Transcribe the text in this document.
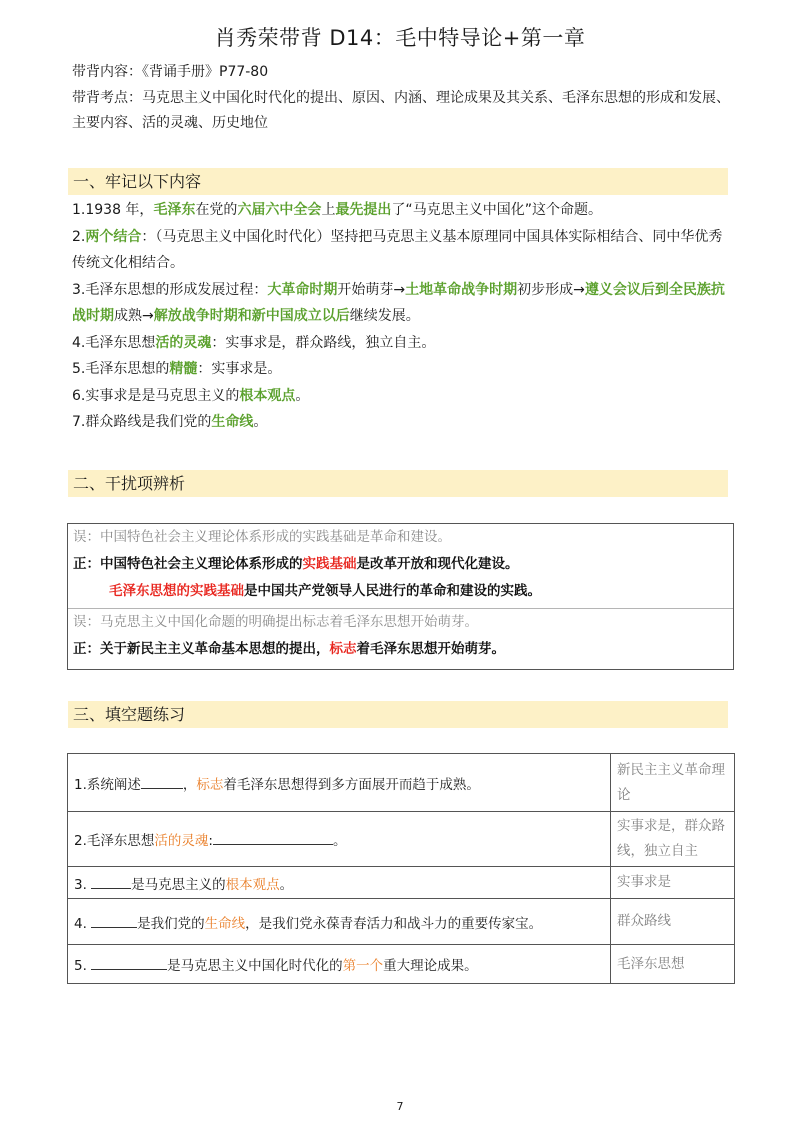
肖秀荣带背 D14：毛中特导论+第一章
带背内容：《背诵手册》P77-80
带背考点：马克思主义中国化时代化的提出、原因、内涵、理论成果及其关系、毛泽东思想的形成和发展、主要内容、活的灵魂、历史地位
一、牢记以下内容
1.1938 年，毛泽东在党的六届六中全会上最先提出了“马克思主义中国化”这个命题。
2.两个结合：（马克思主义中国化时代化）坚持把马克思主义基本原理同中国具体实际相结合、同中华优秀传统文化相结合。
3.毛泽东思想的形成发展过程：大革命时期开始萌芽→土地革命战争时期初步形成→遵义会议后到全民族抗战时期成熟→解放战争时期和新中国成立以后继续发展。
4.毛泽东思想活的灵魂：实事求是，群众路线，独立自主。
5.毛泽东思想的精髓：实事求是。
6.实事求是是马克思主义的根本观点。
7.群众路线是我们党的生命线。
二、干扰项辨析
误：中国特色社会主义理论体系形成的实践基础是革命和建设。
正：中国特色社会主义理论体系形成的实践基础是改革开放和现代化建设。
毛泽东思想的实践基础是中国共产党领导人民进行的革命和建设的实践。
误：马克思主义中国化命题的明确提出标志着毛泽东思想开始萌芽。
正：关于新民主主义革命基本思想的提出，标志着毛泽东思想开始萌芽。
三、填空题练习
1.系统阐述 ，标志着毛泽东思想得到多方面展开而趋于成熟。	新民主主义革命理论
2.毛泽东思想活的灵魂: 。	实事求是，群众路线，独立自主
3. 是马克思主义的根本观点。	实事求是
4. 是我们党的生命线，是我们党永葆青春活力和战斗力的重要传家宝。	群众路线
5. 是马克思主义中国化时代化的第一个重大理论成果。	毛泽东思想
7
